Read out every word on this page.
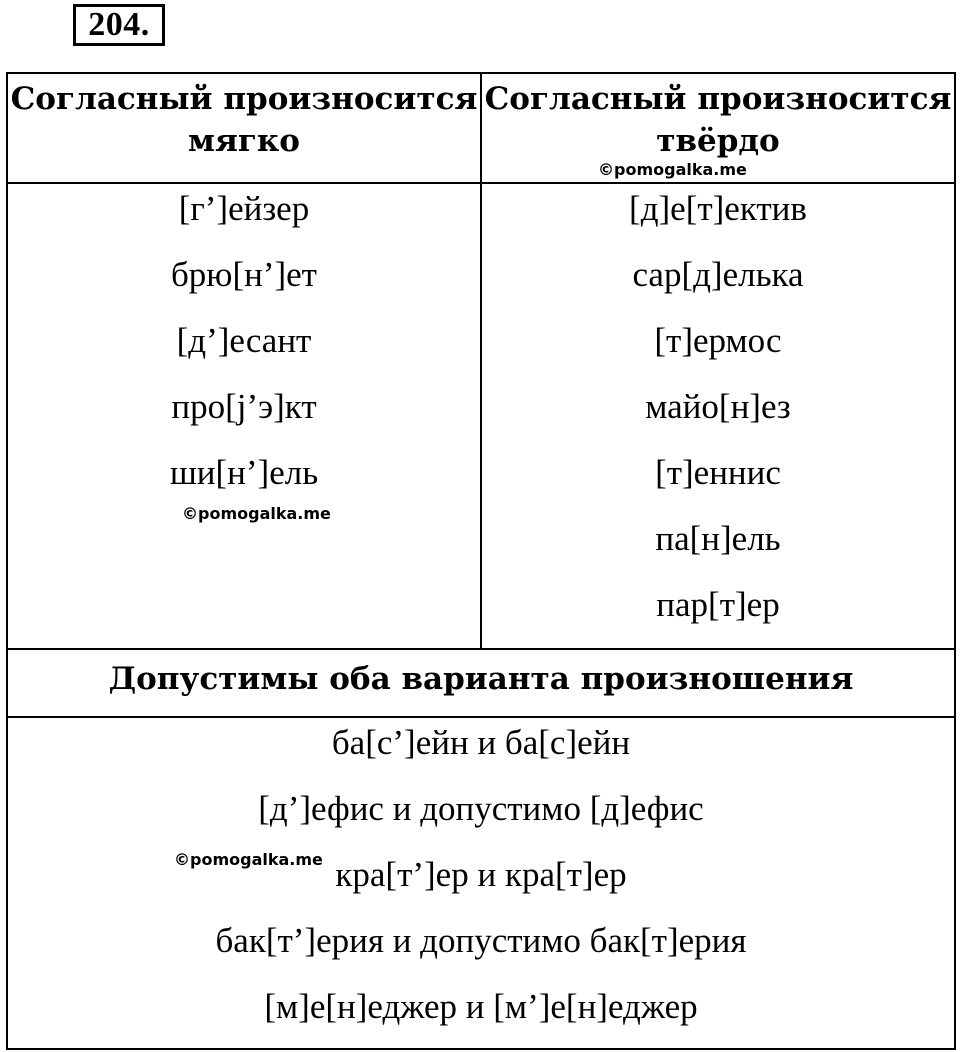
204.
Согласный произносится
мягко
Согласный произносится
твёрдо
©pomogalka.me
[г’]ейзер
брю[н’]ет
[д’]есант
про[j’э]кт
ши[н’]ель
©pomogalka.me
[д]е[т]ектив
сар[д]елька
[т]ермос
майо[н]ез
[т]еннис
па[н]ель
пар[т]ер
Допустимы оба варианта произношения
ба[с’]ейн и ба[с]ейн
[д’]ефис и допустимо [д]ефис
кра[т’]ер и кра[т]ер
бак[т’]ерия и допустимо бак[т]ерия
[м]е[н]еджер и [м’]е[н]еджер
©pomogalka.me
